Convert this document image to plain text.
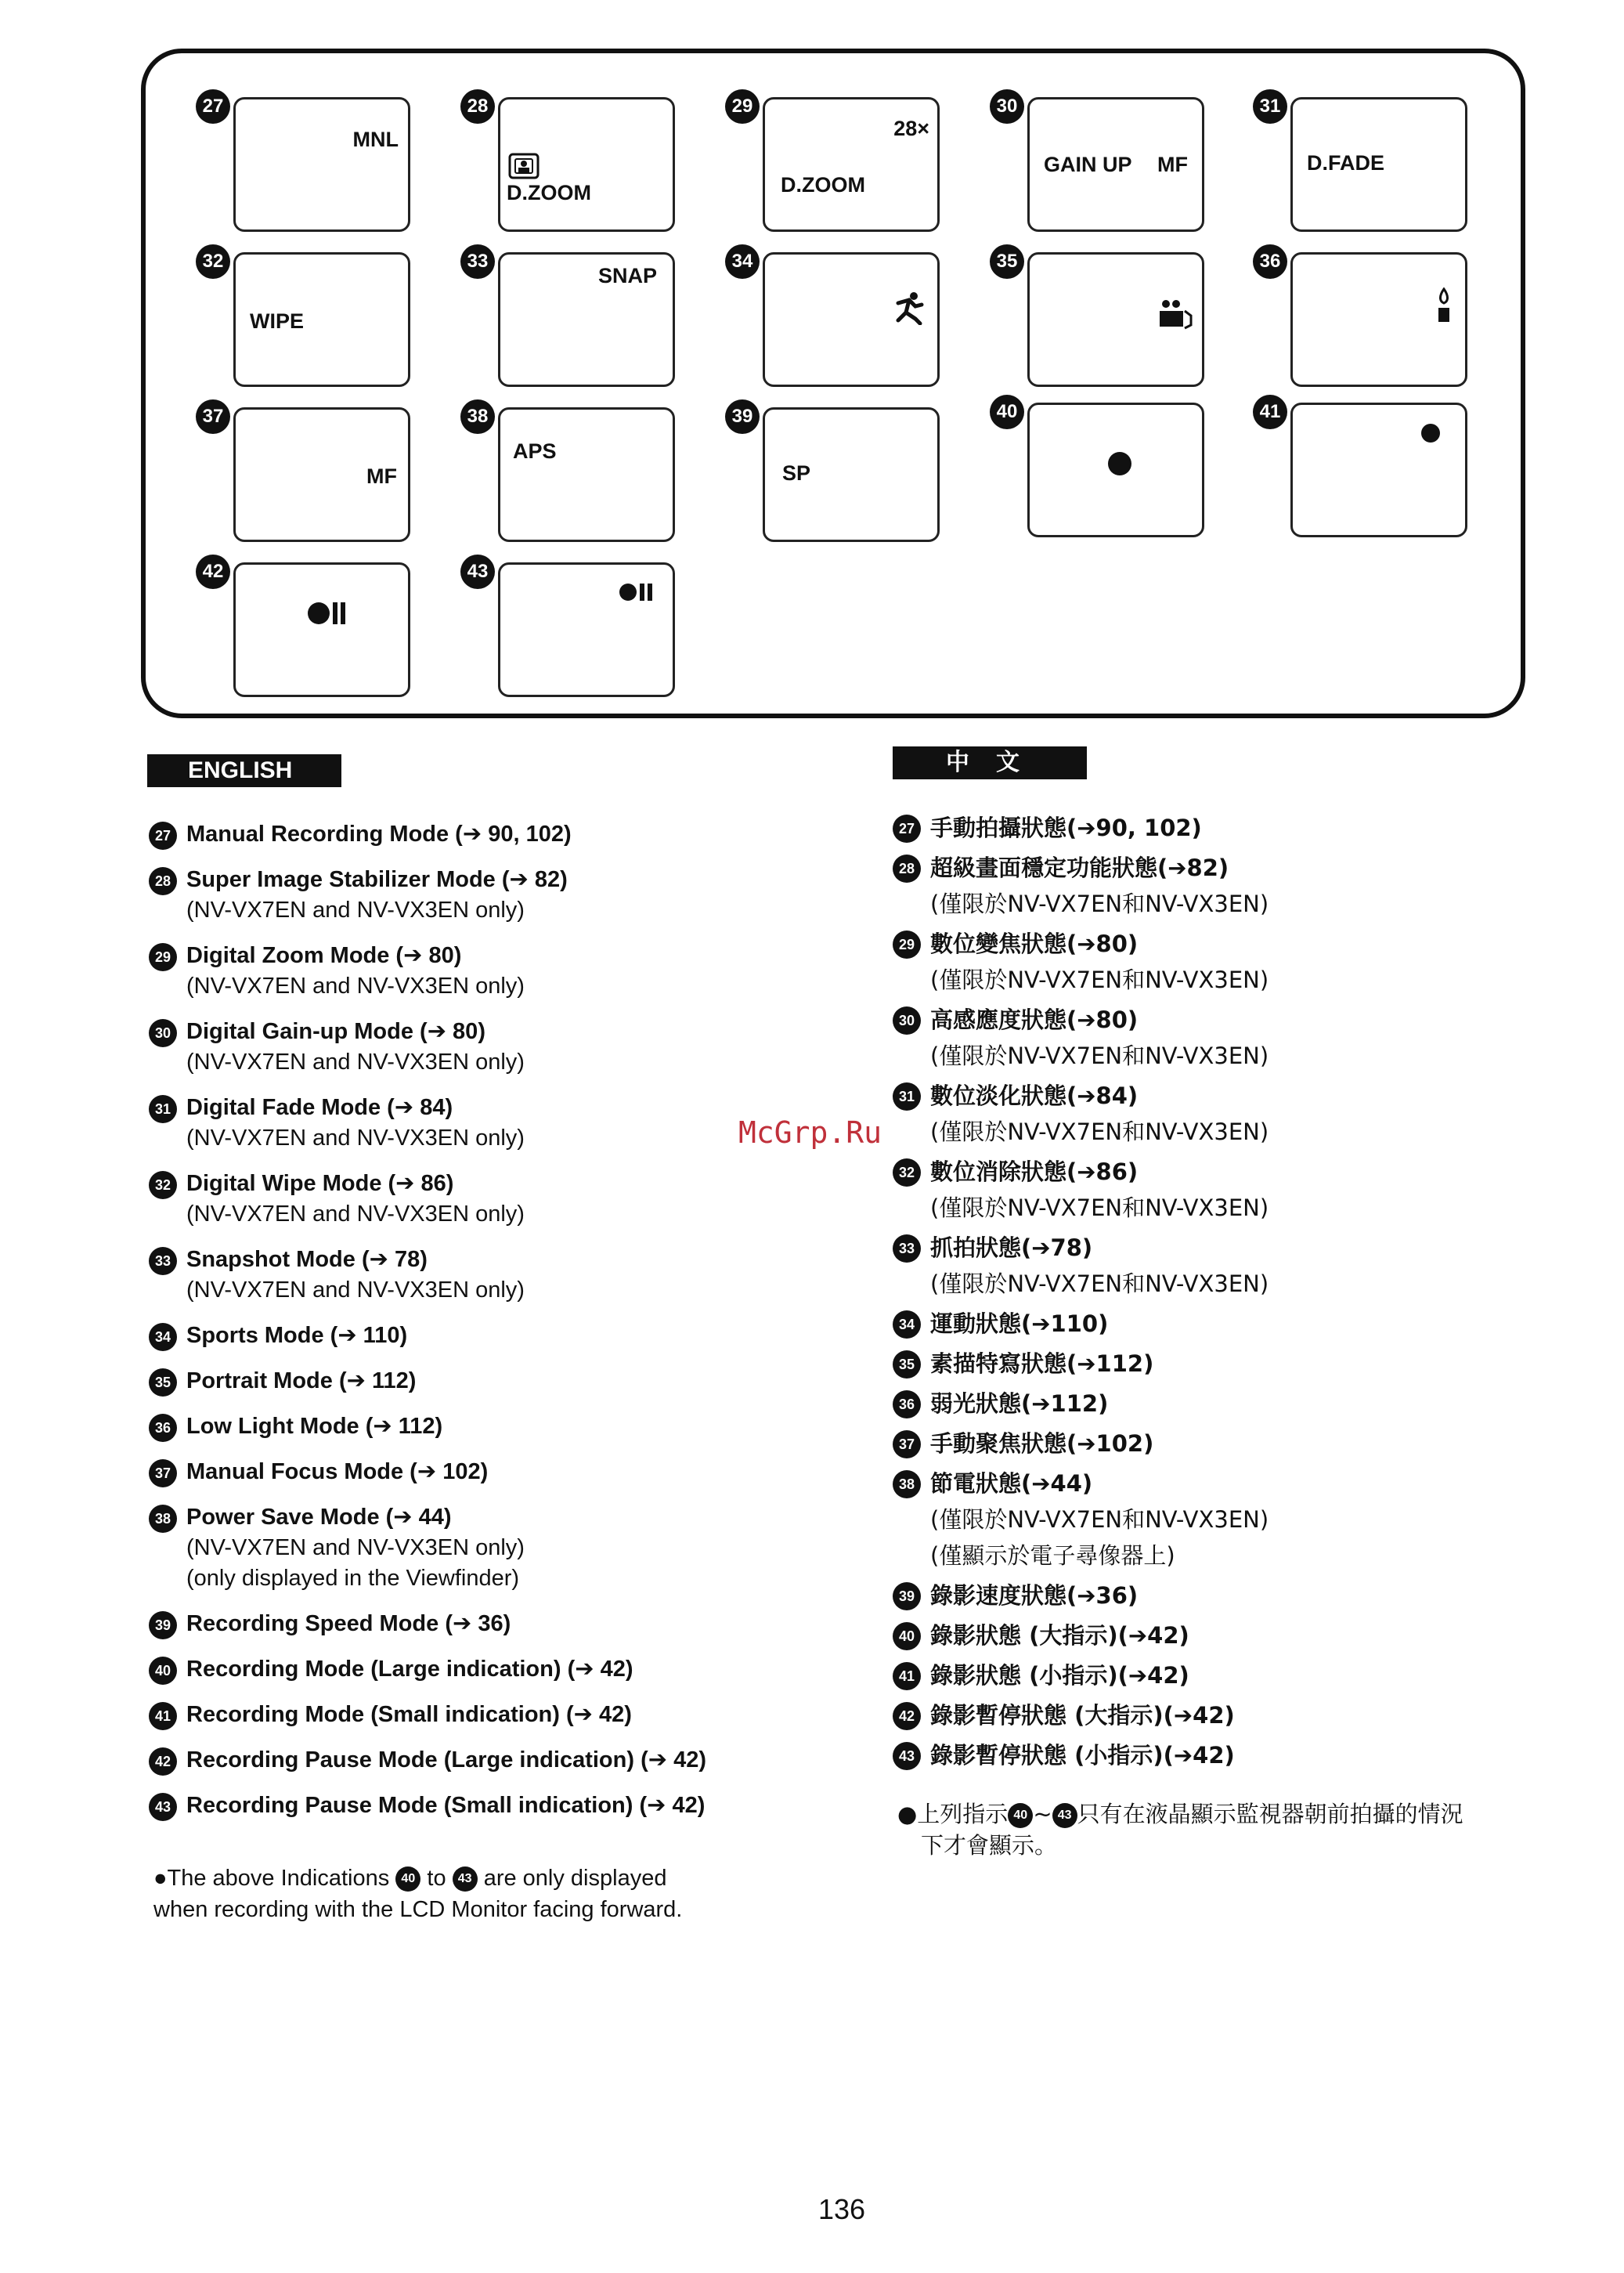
27
MNL
28
D.ZOOM
29
28×
D.ZOOM
30
GAIN UP MF
31
D.FADE
32
WIPE
33
SNAP
34	35	36
37
MF
38
APS
39
SP
40	41
42	43
ENGLISH
27 Manual Recording Mode (➔ 90, 102)
28 Super Image Stabilizer Mode (➔ 82)
(NV-VX7EN and NV-VX3EN only)
29 Digital Zoom Mode (➔ 80)
(NV-VX7EN and NV-VX3EN only)
30 Digital Gain-up Mode (➔ 80)
(NV-VX7EN and NV-VX3EN only)
31 Digital Fade Mode (➔ 84)
(NV-VX7EN and NV-VX3EN only)
32 Digital Wipe Mode (➔ 86)
(NV-VX7EN and NV-VX3EN only)
33 Snapshot Mode (➔ 78)
(NV-VX7EN and NV-VX3EN only)
34 Sports Mode (➔ 110)
35 Portrait Mode (➔ 112)
36 Low Light Mode (➔ 112)
37 Manual Focus Mode (➔ 102)
38 Power Save Mode (➔ 44)
(NV-VX7EN and NV-VX3EN only)
(only displayed in the Viewfinder)
39 Recording Speed Mode (➔ 36)
40 Recording Mode (Large indication) (➔ 42)
41 Recording Mode (Small indication) (➔ 42)
42 Recording Pause Mode (Large indication) (➔ 42)
43 Recording Pause Mode (Small indication) (➔ 42)
●The above Indications 40 to 43 are only displayed
when recording with the LCD Monitor facing forward.
中文
27 手動拍攝狀態(➔90, 102)
28 超級畫面穩定功能狀態(➔82)
(僅限於NV-VX7EN和NV-VX3EN)
29 數位變焦狀態(➔80)
(僅限於NV-VX7EN和NV-VX3EN)
30 高感應度狀態(➔80)
(僅限於NV-VX7EN和NV-VX3EN)
31 數位淡化狀態(➔84)
(僅限於NV-VX7EN和NV-VX3EN)
32 數位消除狀態(➔86)
(僅限於NV-VX7EN和NV-VX3EN)
33 抓拍狀態(➔78)
(僅限於NV-VX7EN和NV-VX3EN)
34 運動狀態(➔110)
35 素描特寫狀態(➔112)
36 弱光狀態(➔112)
37 手動聚焦狀態(➔102)
38 節電狀態(➔44)
(僅限於NV-VX7EN和NV-VX3EN)
(僅顯示於電子尋像器上)
39 錄影速度狀態(➔36)
40 錄影狀態 (大指示)(➔42)
41 錄影狀態 (小指示)(➔42)
42 錄影暫停狀態 (大指示)(➔42)
43 錄影暫停狀態 (小指示)(➔42)
●上列指示 40 ~ 43 只有在液晶顯示監視器朝前拍攝的情況
下才會顯示。
McGrp.Ru
136
